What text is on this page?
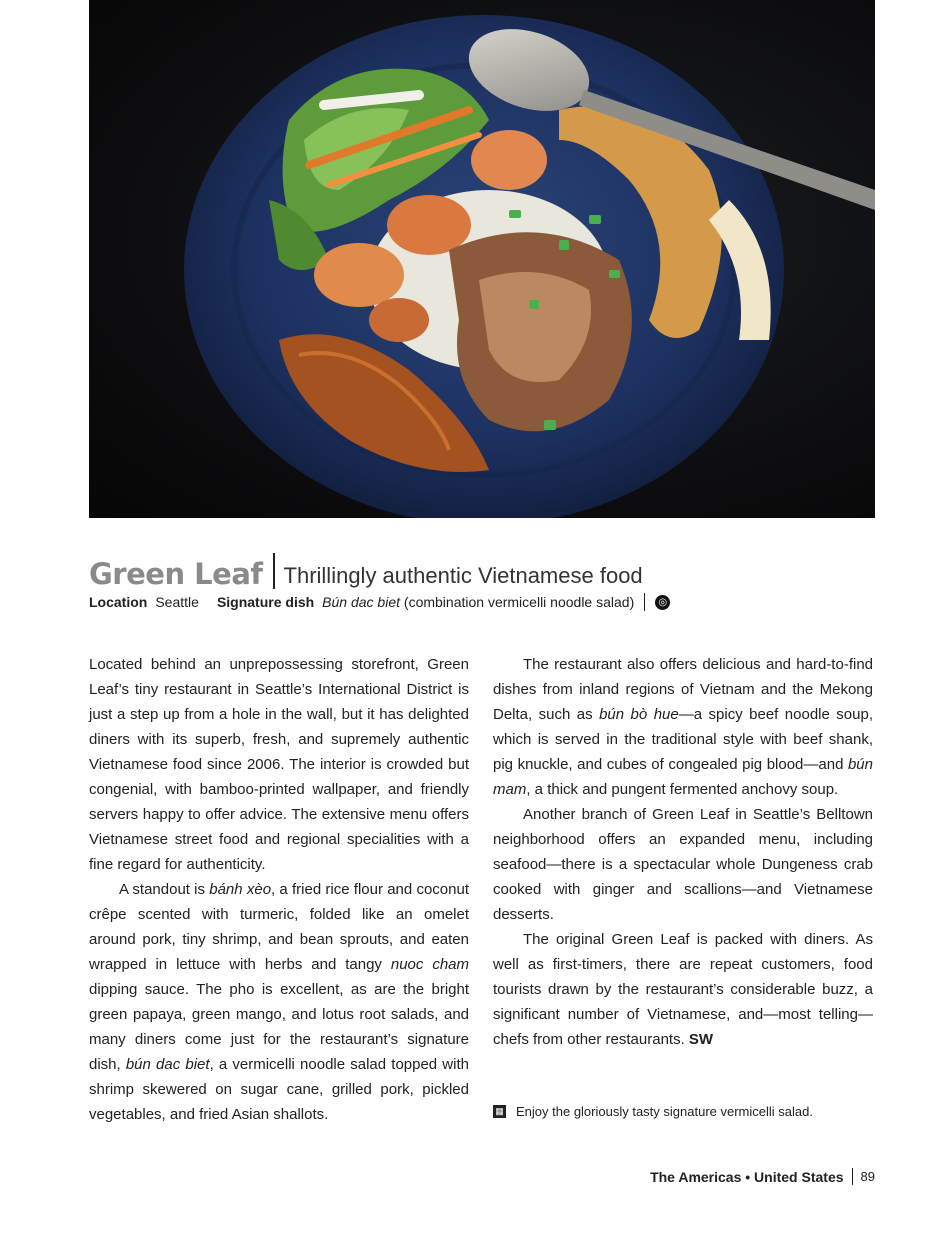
Green Leaf Thrillingly authentic Vietnamese food
Location Seattle Signature dish Bún dac biet (combination vermicelli noodle salad)	◎

Located behind an unprepossessing storefront, Green Leaf’s tiny restaurant in Seattle’s International District is just a step up from a hole in the wall, but it has delighted diners with its superb, fresh, and supremely authentic Vietnamese food since 2006. The interior is crowded but congenial, with bamboo-printed wallpaper, and friendly servers happy to offer advice. The extensive menu offers Vietnamese street food and regional specialities with a fine regard for authenticity.

A standout is bánh xèo, a fried rice flour and coconut crêpe scented with turmeric, folded like an omelet around pork, tiny shrimp, and bean sprouts, and eaten wrapped in lettuce with herbs and tangy nuoc cham dipping sauce. The pho is excellent, as are the bright green papaya, green mango, and lotus root salads, and many diners come just for the restaurant’s signature dish, bún dac biet, a vermicelli noodle salad topped with shrimp skewered on sugar cane, grilled pork, pickled vegetables, and fried Asian shallots.

The restaurant also offers delicious and hard-to-find dishes from inland regions of Vietnam and the Mekong Delta, such as bún bò hue—a spicy beef noodle soup, which is served in the traditional style with beef shank, pig knuckle, and cubes of congealed pig blood—and bún mam, a thick and pungent fermented anchovy soup.

Another branch of Green Leaf in Seattle’s Belltown neighborhood offers an expanded menu, including seafood—there is a spectacular whole Dungeness crab cooked with ginger and scallions—and Vietnamese desserts.

The original Green Leaf is packed with diners. As well as first-timers, there are repeat customers, food tourists drawn by the restaurant’s considerable buzz, a significant number of Vietnamese, and—most telling—chefs from other restaurants. SW

▦ Enjoy the gloriously tasty signature vermicelli salad.
The Americas • United States 89
